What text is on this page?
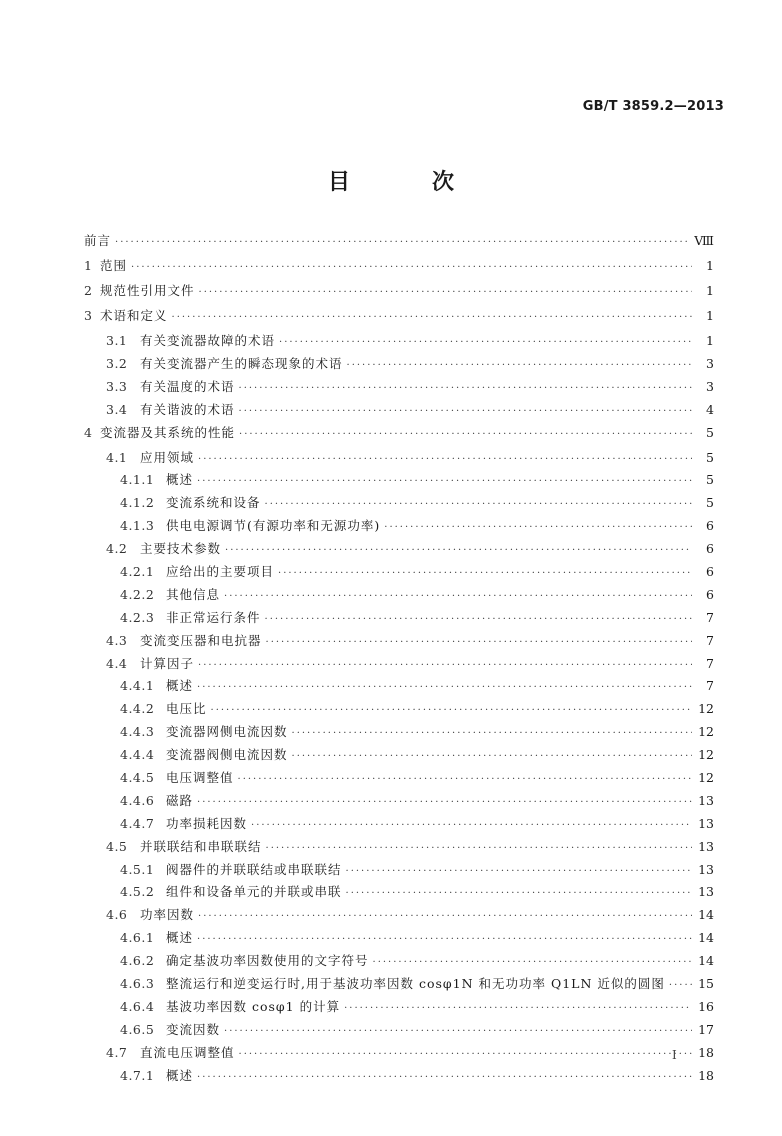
GB/T 3859.2—2013
目　次
前言 ·····	Ⅷ
1 范围 ·····	1
2 规范性引用文件 ·····	1
3 术语和定义 ·····	1
3.1	有关变流器故障的术语 ·····	1
3.2	有关变流器产生的瞬态现象的术语 ·····	3
3.3	有关温度的术语 ·····	3
3.4	有关谐波的术语 ·····	4
4 变流器及其系统的性能 ·····	5
4.1	应用领域 ·····	5
4.1.1 概述 ·····	5
4.1.2 变流系统和设备 ·····	5
4.1.3 供电电源调节(有源功率和无源功率) ·····	6
4.2	主要技术参数 ·····	6
4.2.1 应给出的主要项目 ·····	6
4.2.2 其他信息 ·····	6
4.2.3 非正常运行条件 ·····	7
4.3	变流变压器和电抗器 ·····	7
4.4	计算因子 ·····	7
4.4.1 概述 ·····	7
4.4.2 电压比 ·····	12
4.4.3 变流器网侧电流因数 ·····	12
4.4.4 变流器阀侧电流因数 ·····	12
4.4.5 电压调整值 ·····	12
4.4.6 磁路 ·····	13
4.4.7 功率损耗因数 ·····	13
4.5	并联联结和串联联结 ·····	13
4.5.1 阀器件的并联联结或串联联结 ·····	13
4.5.2 组件和设备单元的并联或串联 ·····	13
4.6	功率因数 ·····	14
4.6.1 概述 ·····	14
4.6.2 确定基波功率因数使用的文字符号 ·····	14
4.6.3 整流运行和逆变运行时,用于基波功率因数 cosφ1N 和无功功率 Q1LN 近似的圆图 ·····	15
4.6.4 基波功率因数 cosφ1 的计算 ·····	16
4.6.5 变流因数 ·····	17
4.7	直流电压调整值 ·····	18
4.7.1 概述 ·····	18
Ⅰ
